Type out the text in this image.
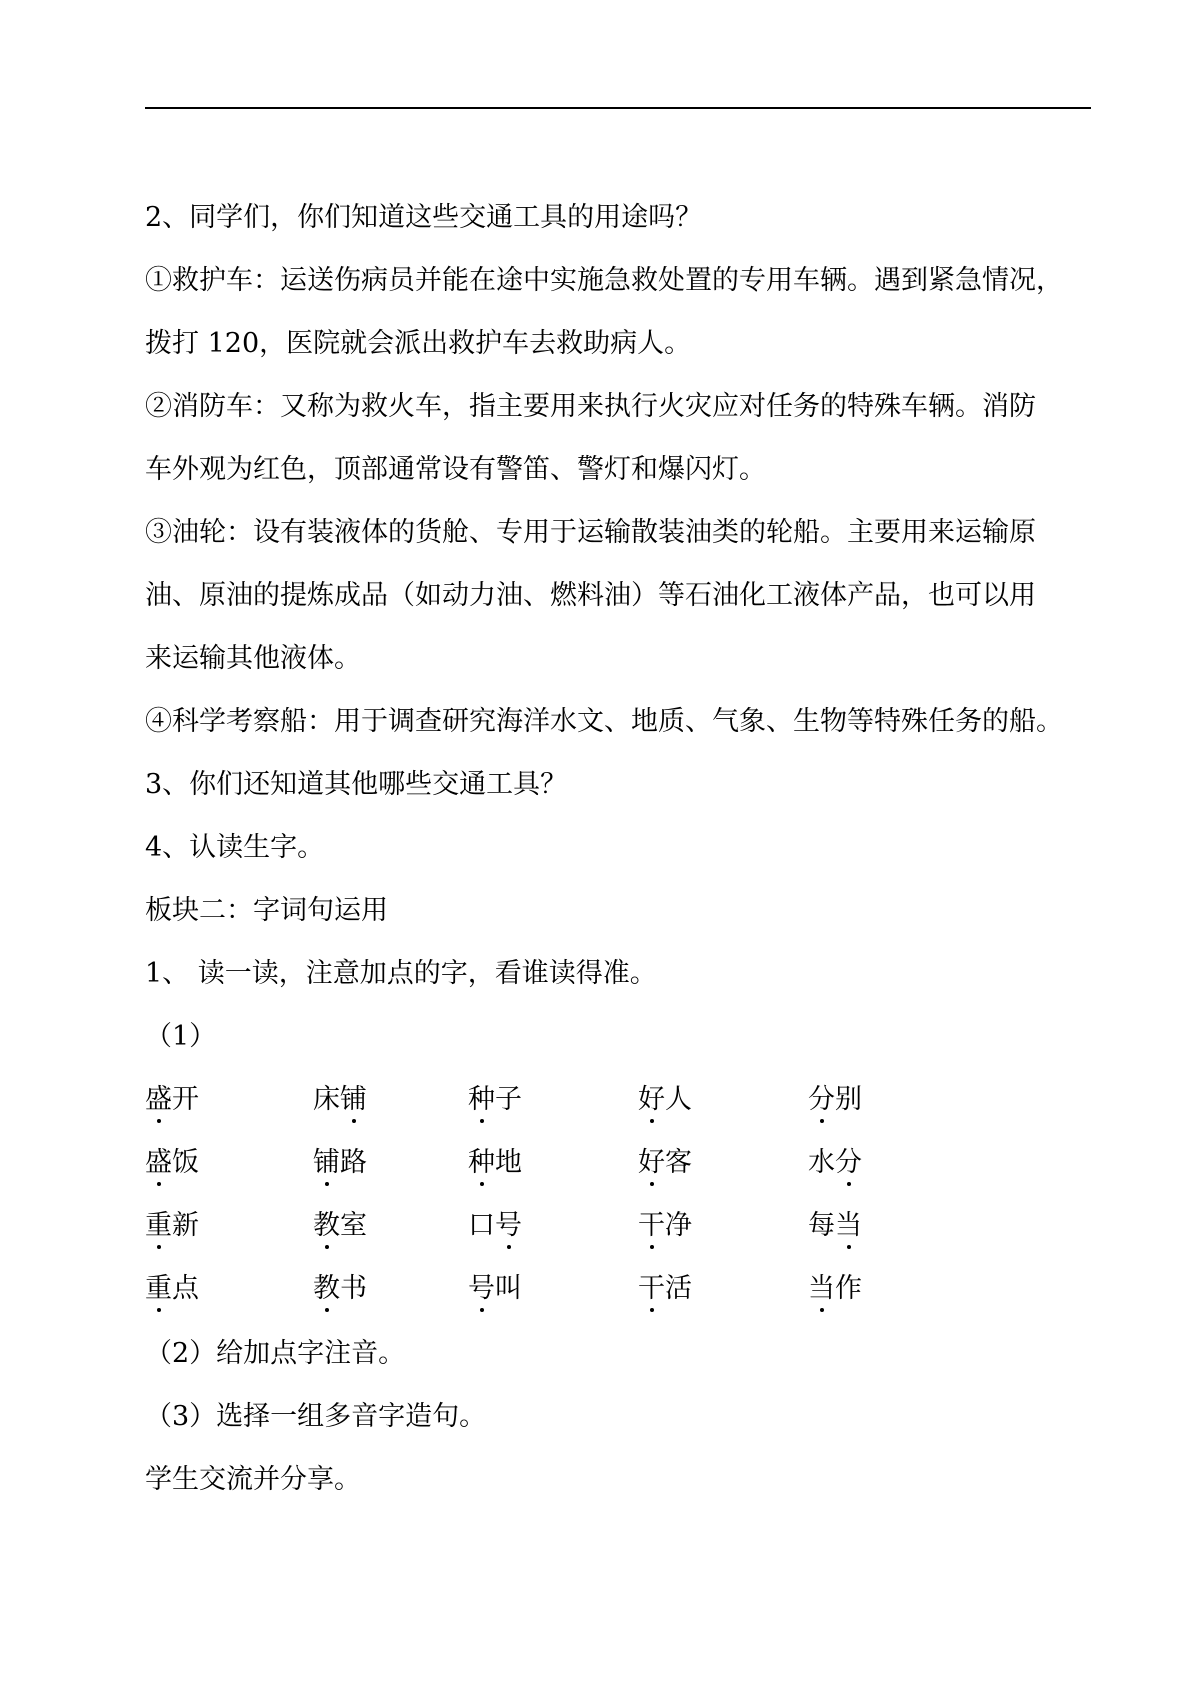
2、同学们，你们知道这些交通工具的用途吗？
①救护车：运送伤病员并能在途中实施急救处置的专用车辆。遇到紧急情况，
拨打 120，医院就会派出救护车去救助病人。
②消防车：又称为救火车，指主要用来执行火灾应对任务的特殊车辆。消防
车外观为红色，顶部通常设有警笛、警灯和爆闪灯。
③油轮：设有装液体的货舱、专用于运输散装油类的轮船。主要用来运输原
油、原油的提炼成品（如动力油、燃料油）等石油化工液体产品，也可以用
来运输其他液体。
④科学考察船：用于调查研究海洋水文、地质、气象、生物等特殊任务的船。
3、你们还知道其他哪些交通工具？
4、认读生字。
板块二：字词句运用
1、 读一读，注意加点的字，看谁读得准。
（1）
盛开	床铺	种子	好人	分别
盛饭	铺路	种地	好客	水分
重新	教室	口号	干净	每当
重点	教书	号叫	干活	当作
（2）给加点字注音。
（3）选择一组多音字造句。
学生交流并分享。
